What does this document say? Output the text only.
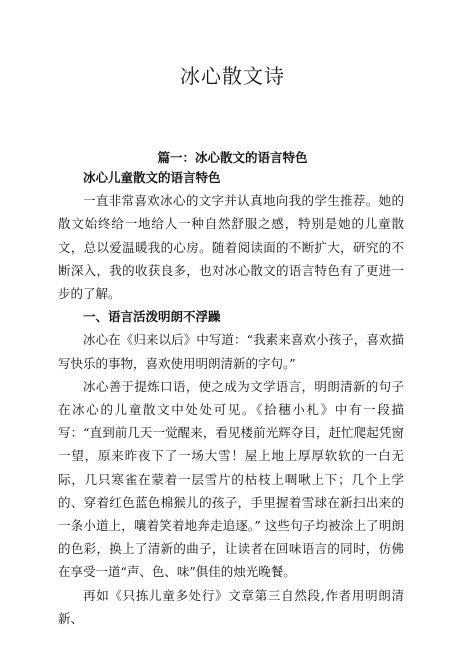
冰心散文诗
篇一：冰心散文的语言特色

冰心儿童散文的语言特色

一直非常喜欢冰心的文字并认真地向我的学生推荐。她的散文始终给一地给人一种自然舒服之感，特别是她的儿童散文，总以爱温暖我的心房。随着阅读面的不断扩大，研究的不断深入，我的收获良多，也对冰心散文的语言特色有了更进一步的了解。

一、语言活泼明朗不浮躁

冰心在《归来以后》中写道：“我素来喜欢小孩子，喜欢描写快乐的事物，喜欢使用明朗清新的字句。”

冰心善于提炼口语，使之成为文学语言，明朗清新的句子在冰心的儿童散文中处处可见。《拾穗小札》中有一段描写：“直到前几天一觉醒来，看见楼前光辉夺目，赶忙爬起凭窗一望，原来昨夜下了一场大雪！屋上地上厚厚软软的一白无际，几只寒雀在蒙着一层雪片的枯枝上啁啾上下；几个上学的、穿着红色蓝色棉猴儿的孩子，手里握着雪球在新扫出来的一条小道上，嚷着笑着地奔走追逐。” 这些句子均被涂上了明朗的色彩，换上了清新的曲子，让读者在回味语言的同时，仿佛在享受一道“声、色、味”俱佳的烛光晚餐。

再如《只拣儿童多处行》文章第三自然段,作者用明朗清新、
